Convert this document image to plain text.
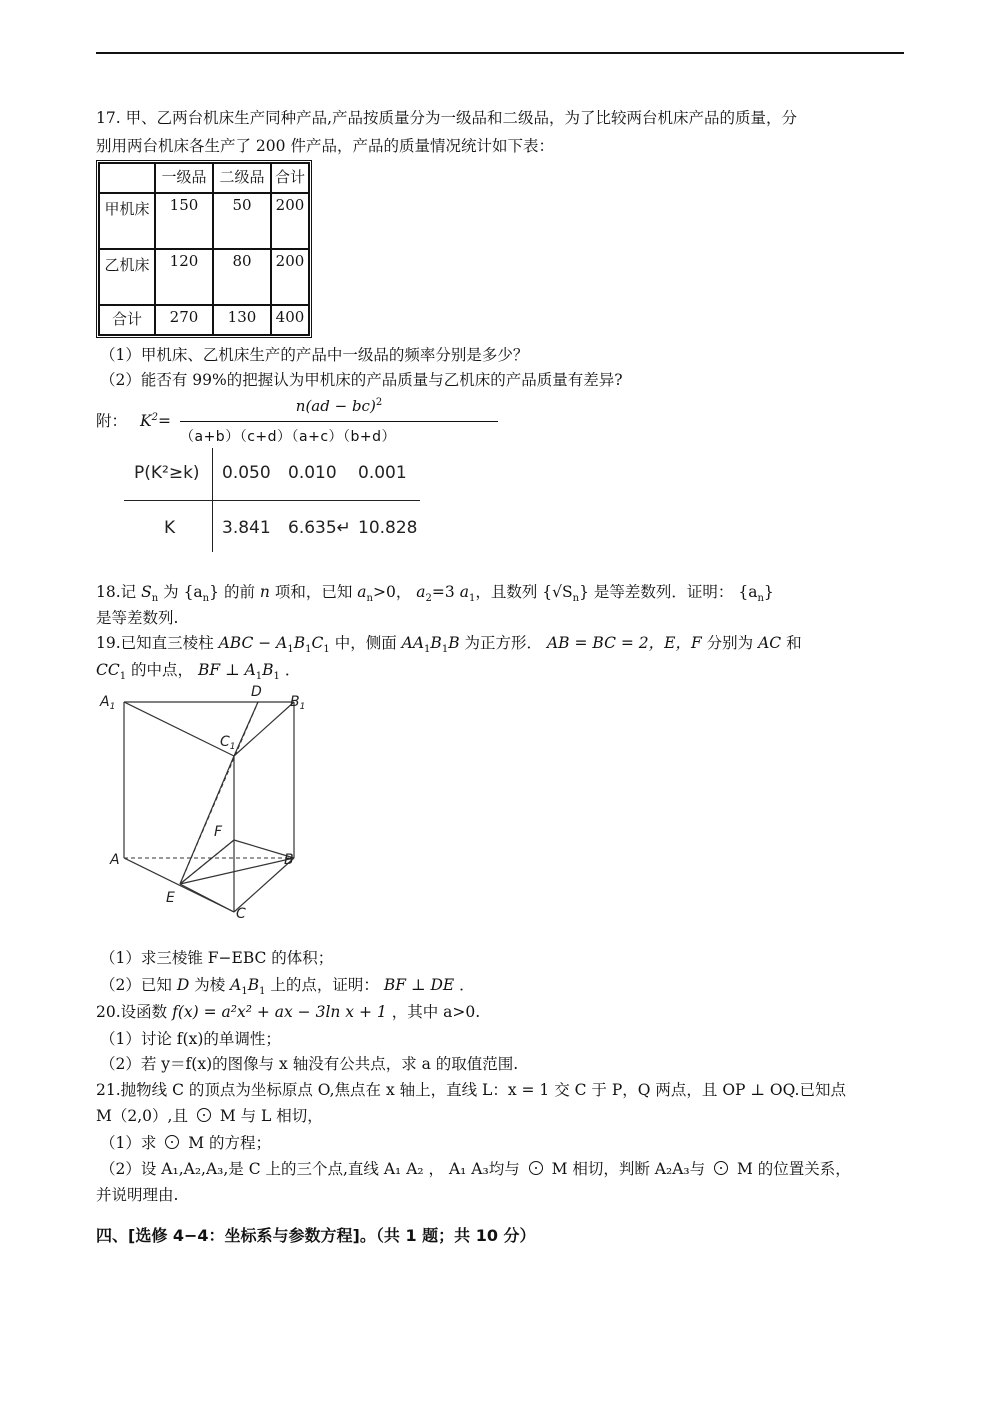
17. 甲、乙两台机床生产同种产品,产品按质量分为一级品和二级品，为了比较两台机床产品的质量，分
别用两台机床各生产了 200 件产品，产品的质量情况统计如下表：
	一级品	二级品	合计
甲机床	150	50	200
乙机床	120	80	200
合计	270	130	400
（1）甲机床、乙机床生产的产品中一级品的频率分别是多少？
（2）能否有 99%的把握认为甲机床的产品质量与乙机床的产品质量有差异?
附： $K^2=$
n(ad − bc)$^2$
（a+b）（c+d）（a+c）（b+d）
P(K²≥k) 0.050 0.010 0.001
K	3.841 6.635↵ 10.828
18.记 $S_n$ 为 $\{a_n\}$ 的前 n 项和，已知 $a_n>0$， $a_2=3$ $a_1$，且数列 $\{√S_n\}$ 是等差数列．证明： $\{a_n\}$
是等差数列.
19.已知直三棱柱 ABC − $A_1B_1C_1$ 中，侧面 $AA_1B_1B$ 为正方形． AB = BC = 2，E，F 分别为 AC 和
$CC_1$ 的中点， BF ⊥ $A_1B_1$ ．
$A_1$
D
$B_1$
$C_1$
F
A	B
E
C
（1）求三棱锥 F−EBC 的体积；
（2）已知 D 为棱 $A_1B_1$ 上的点，证明： BF ⊥ DE ．
20.设函数 f(x) = a²x² + ax − 3ln x + 1 ，其中 a>0.
（1）讨论 f(x)的单调性；
（2）若 y＝f(x)的图像与 x 轴没有公共点，求 a 的取值范围.
21.抛物线 C 的顶点为坐标原点 O,焦点在 x 轴上，直线 L：x = 1 交 C 于 P，Q 两点，且 OP ⊥ OQ.已知点
M（2,0）,且 M 与 L 相切，
（1）求 M 的方程；
（2）设 A₁,A₂,A₃,是 C 上的三个点,直线 A₁ A₂ ， A₁ A₃均与 M 相切，判断 A₂A₃与 M 的位置关系，
并说明理由.
四、[选修 4−4：坐标系与参数方程]。（共 1 题；共 10 分）
